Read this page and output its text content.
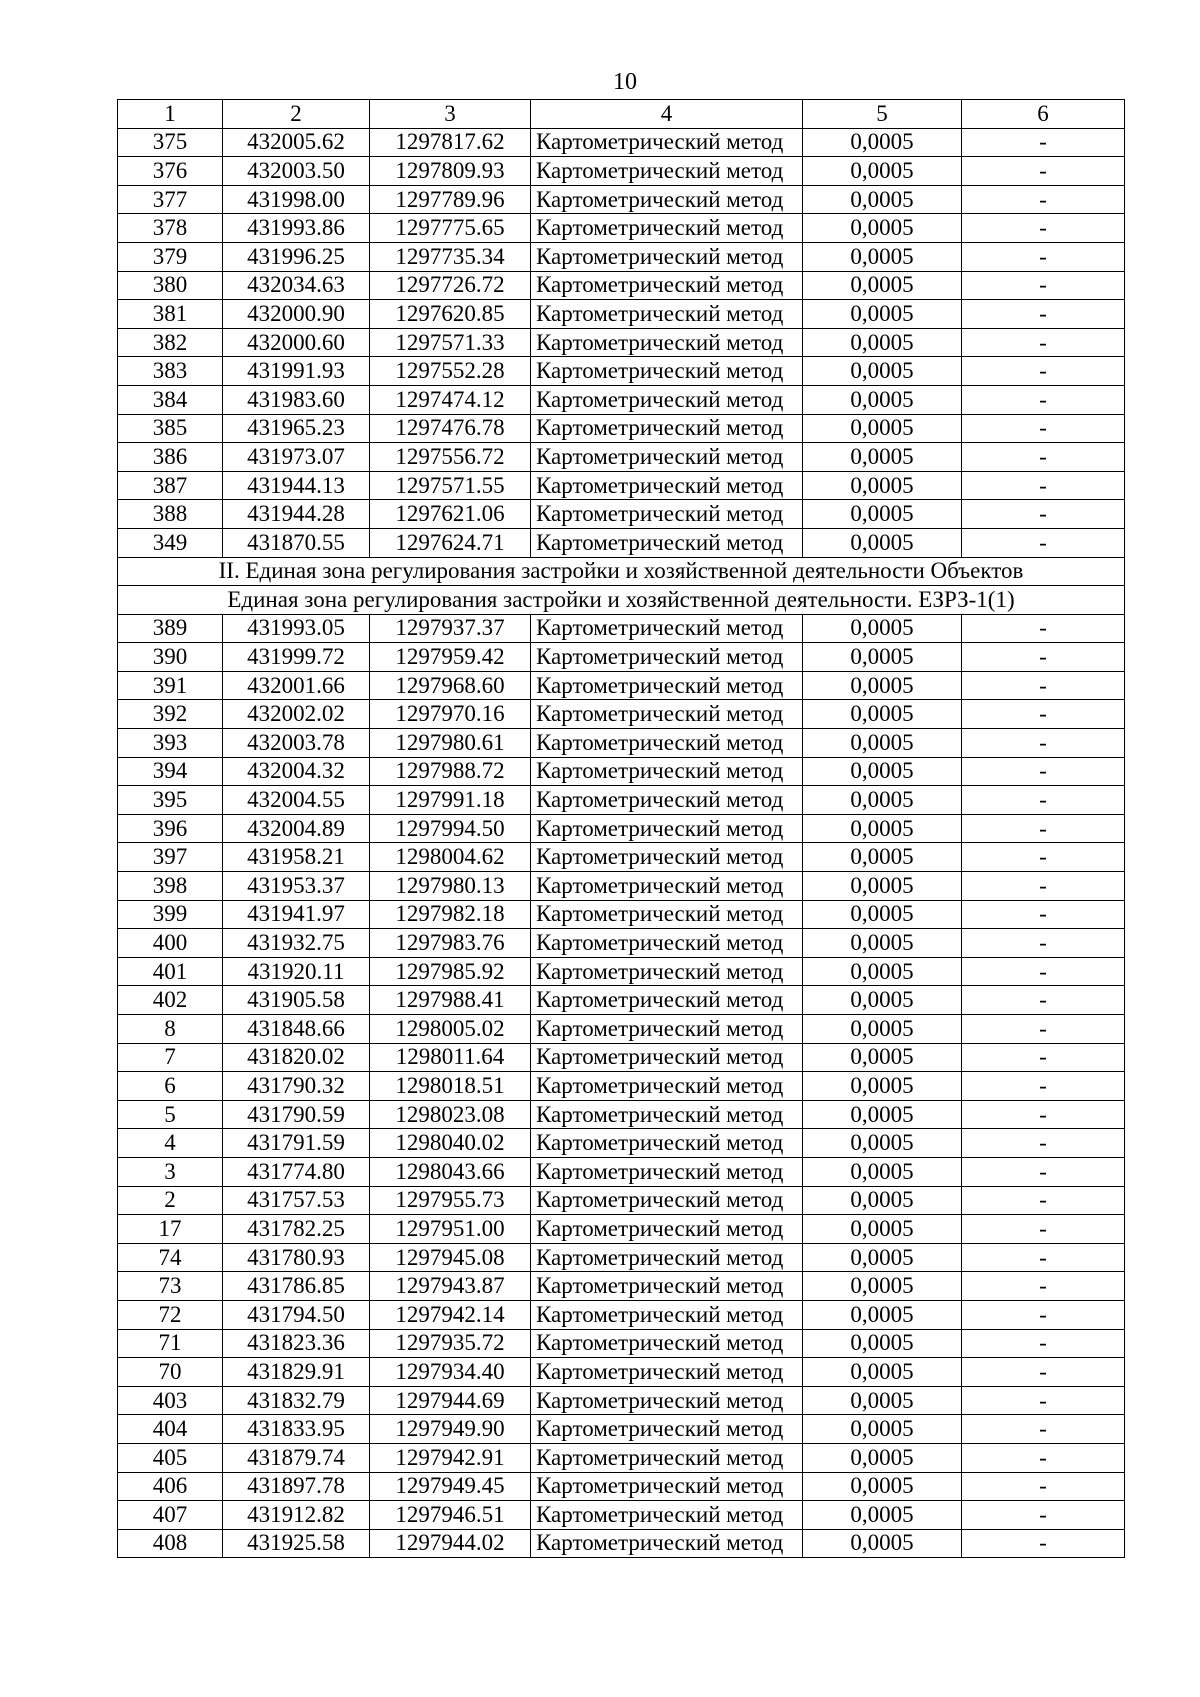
10
1	2	3	4	5	6
375	432005.62	1297817.62	Картометрический метод	0,0005	-
376	432003.50	1297809.93	Картометрический метод	0,0005	-
377	431998.00	1297789.96	Картометрический метод	0,0005	-
378	431993.86	1297775.65	Картометрический метод	0,0005	-
379	431996.25	1297735.34	Картометрический метод	0,0005	-
380	432034.63	1297726.72	Картометрический метод	0,0005	-
381	432000.90	1297620.85	Картометрический метод	0,0005	-
382	432000.60	1297571.33	Картометрический метод	0,0005	-
383	431991.93	1297552.28	Картометрический метод	0,0005	-
384	431983.60	1297474.12	Картометрический метод	0,0005	-
385	431965.23	1297476.78	Картометрический метод	0,0005	-
386	431973.07	1297556.72	Картометрический метод	0,0005	-
387	431944.13	1297571.55	Картометрический метод	0,0005	-
388	431944.28	1297621.06	Картометрический метод	0,0005	-
349	431870.55	1297624.71	Картометрический метод	0,0005	-
II. Единая зона регулирования застройки и хозяйственной деятельности Объектов					
Единая зона регулирования застройки и хозяйственной деятельности. ЕЗРЗ-1(1)					
389	431993.05	1297937.37	Картометрический метод	0,0005	-
390	431999.72	1297959.42	Картометрический метод	0,0005	-
391	432001.66	1297968.60	Картометрический метод	0,0005	-
392	432002.02	1297970.16	Картометрический метод	0,0005	-
393	432003.78	1297980.61	Картометрический метод	0,0005	-
394	432004.32	1297988.72	Картометрический метод	0,0005	-
395	432004.55	1297991.18	Картометрический метод	0,0005	-
396	432004.89	1297994.50	Картометрический метод	0,0005	-
397	431958.21	1298004.62	Картометрический метод	0,0005	-
398	431953.37	1297980.13	Картометрический метод	0,0005	-
399	431941.97	1297982.18	Картометрический метод	0,0005	-
400	431932.75	1297983.76	Картометрический метод	0,0005	-
401	431920.11	1297985.92	Картометрический метод	0,0005	-
402	431905.58	1297988.41	Картометрический метод	0,0005	-
8	431848.66	1298005.02	Картометрический метод	0,0005	-
7	431820.02	1298011.64	Картометрический метод	0,0005	-
6	431790.32	1298018.51	Картометрический метод	0,0005	-
5	431790.59	1298023.08	Картометрический метод	0,0005	-
4	431791.59	1298040.02	Картометрический метод	0,0005	-
3	431774.80	1298043.66	Картометрический метод	0,0005	-
2	431757.53	1297955.73	Картометрический метод	0,0005	-
17	431782.25	1297951.00	Картометрический метод	0,0005	-
74	431780.93	1297945.08	Картометрический метод	0,0005	-
73	431786.85	1297943.87	Картометрический метод	0,0005	-
72	431794.50	1297942.14	Картометрический метод	0,0005	-
71	431823.36	1297935.72	Картометрический метод	0,0005	-
70	431829.91	1297934.40	Картометрический метод	0,0005	-
403	431832.79	1297944.69	Картометрический метод	0,0005	-
404	431833.95	1297949.90	Картометрический метод	0,0005	-
405	431879.74	1297942.91	Картометрический метод	0,0005	-
406	431897.78	1297949.45	Картометрический метод	0,0005	-
407	431912.82	1297946.51	Картометрический метод	0,0005	-
408	431925.58	1297944.02	Картометрический метод	0,0005	-
